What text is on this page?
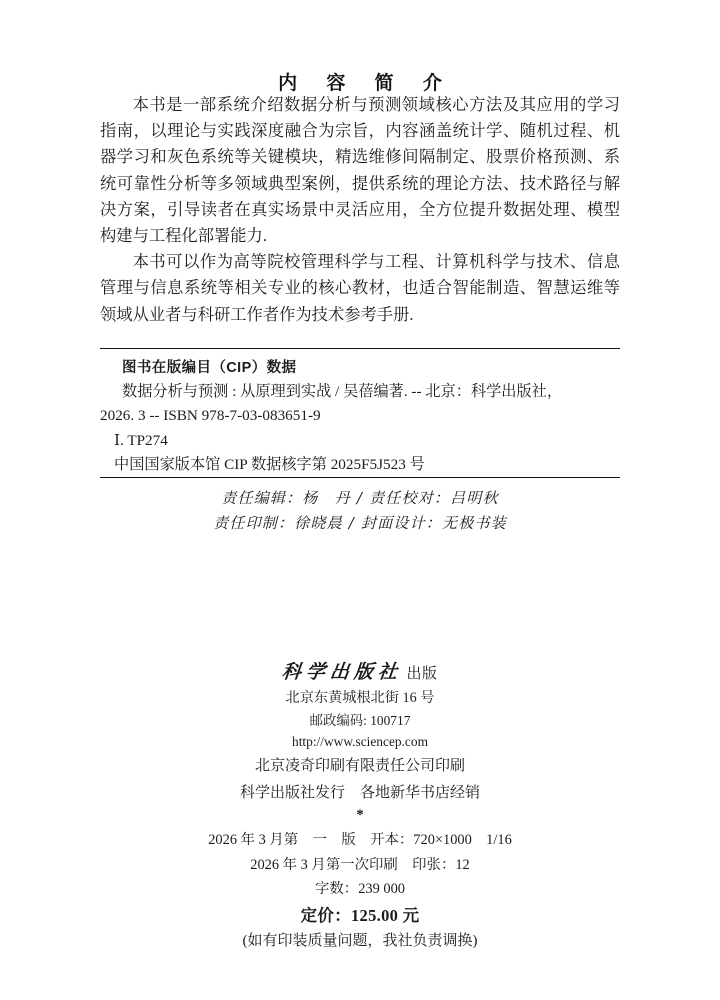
内 容 简 介

本书是一部系统介绍数据分析与预测领域核心方法及其应用的学习指南，以理论与实践深度融合为宗旨，内容涵盖统计学、随机过程、机器学习和灰色系统等关键模块，精选维修间隔制定、股票价格预测、系统可靠性分析等多领域典型案例，提供系统的理论方法、技术路径与解决方案，引导读者在真实场景中灵活应用，全方位提升数据处理、模型构建与工程化部署能力.

本书可以作为高等院校管理科学与工程、计算机科学与技术、信息管理与信息系统等相关专业的核心教材，也适合智能制造、智慧运维等领域从业者与科研工作者作为技术参考手册.

图书在版编目（CIP）数据
数据分析与预测 : 从原理到实战 / 吴蓓编著. -- 北京：科学出版社，
2026. 3 -- ISBN 978-7-03-083651-9
Ⅰ. TP274
中国国家版本馆 CIP 数据核字第 2025F5J523 号
责任编辑：杨　丹 / 责任校对：吕明秋
责任印制：徐晓晨 / 封面设计：无极书装
科学出版社 出版
北京东黄城根北街 16 号
邮政编码: 100717
http://www.sciencep.com
北京凌奇印刷有限责任公司印刷
科学出版社发行　各地新华书店经销
*
2026 年 3 月第　一　版　开本：720×1000　1/16
2026 年 3 月第一次印刷　印张：12
字数：239 000
定价：125.00 元
(如有印装质量问题，我社负责调换)
